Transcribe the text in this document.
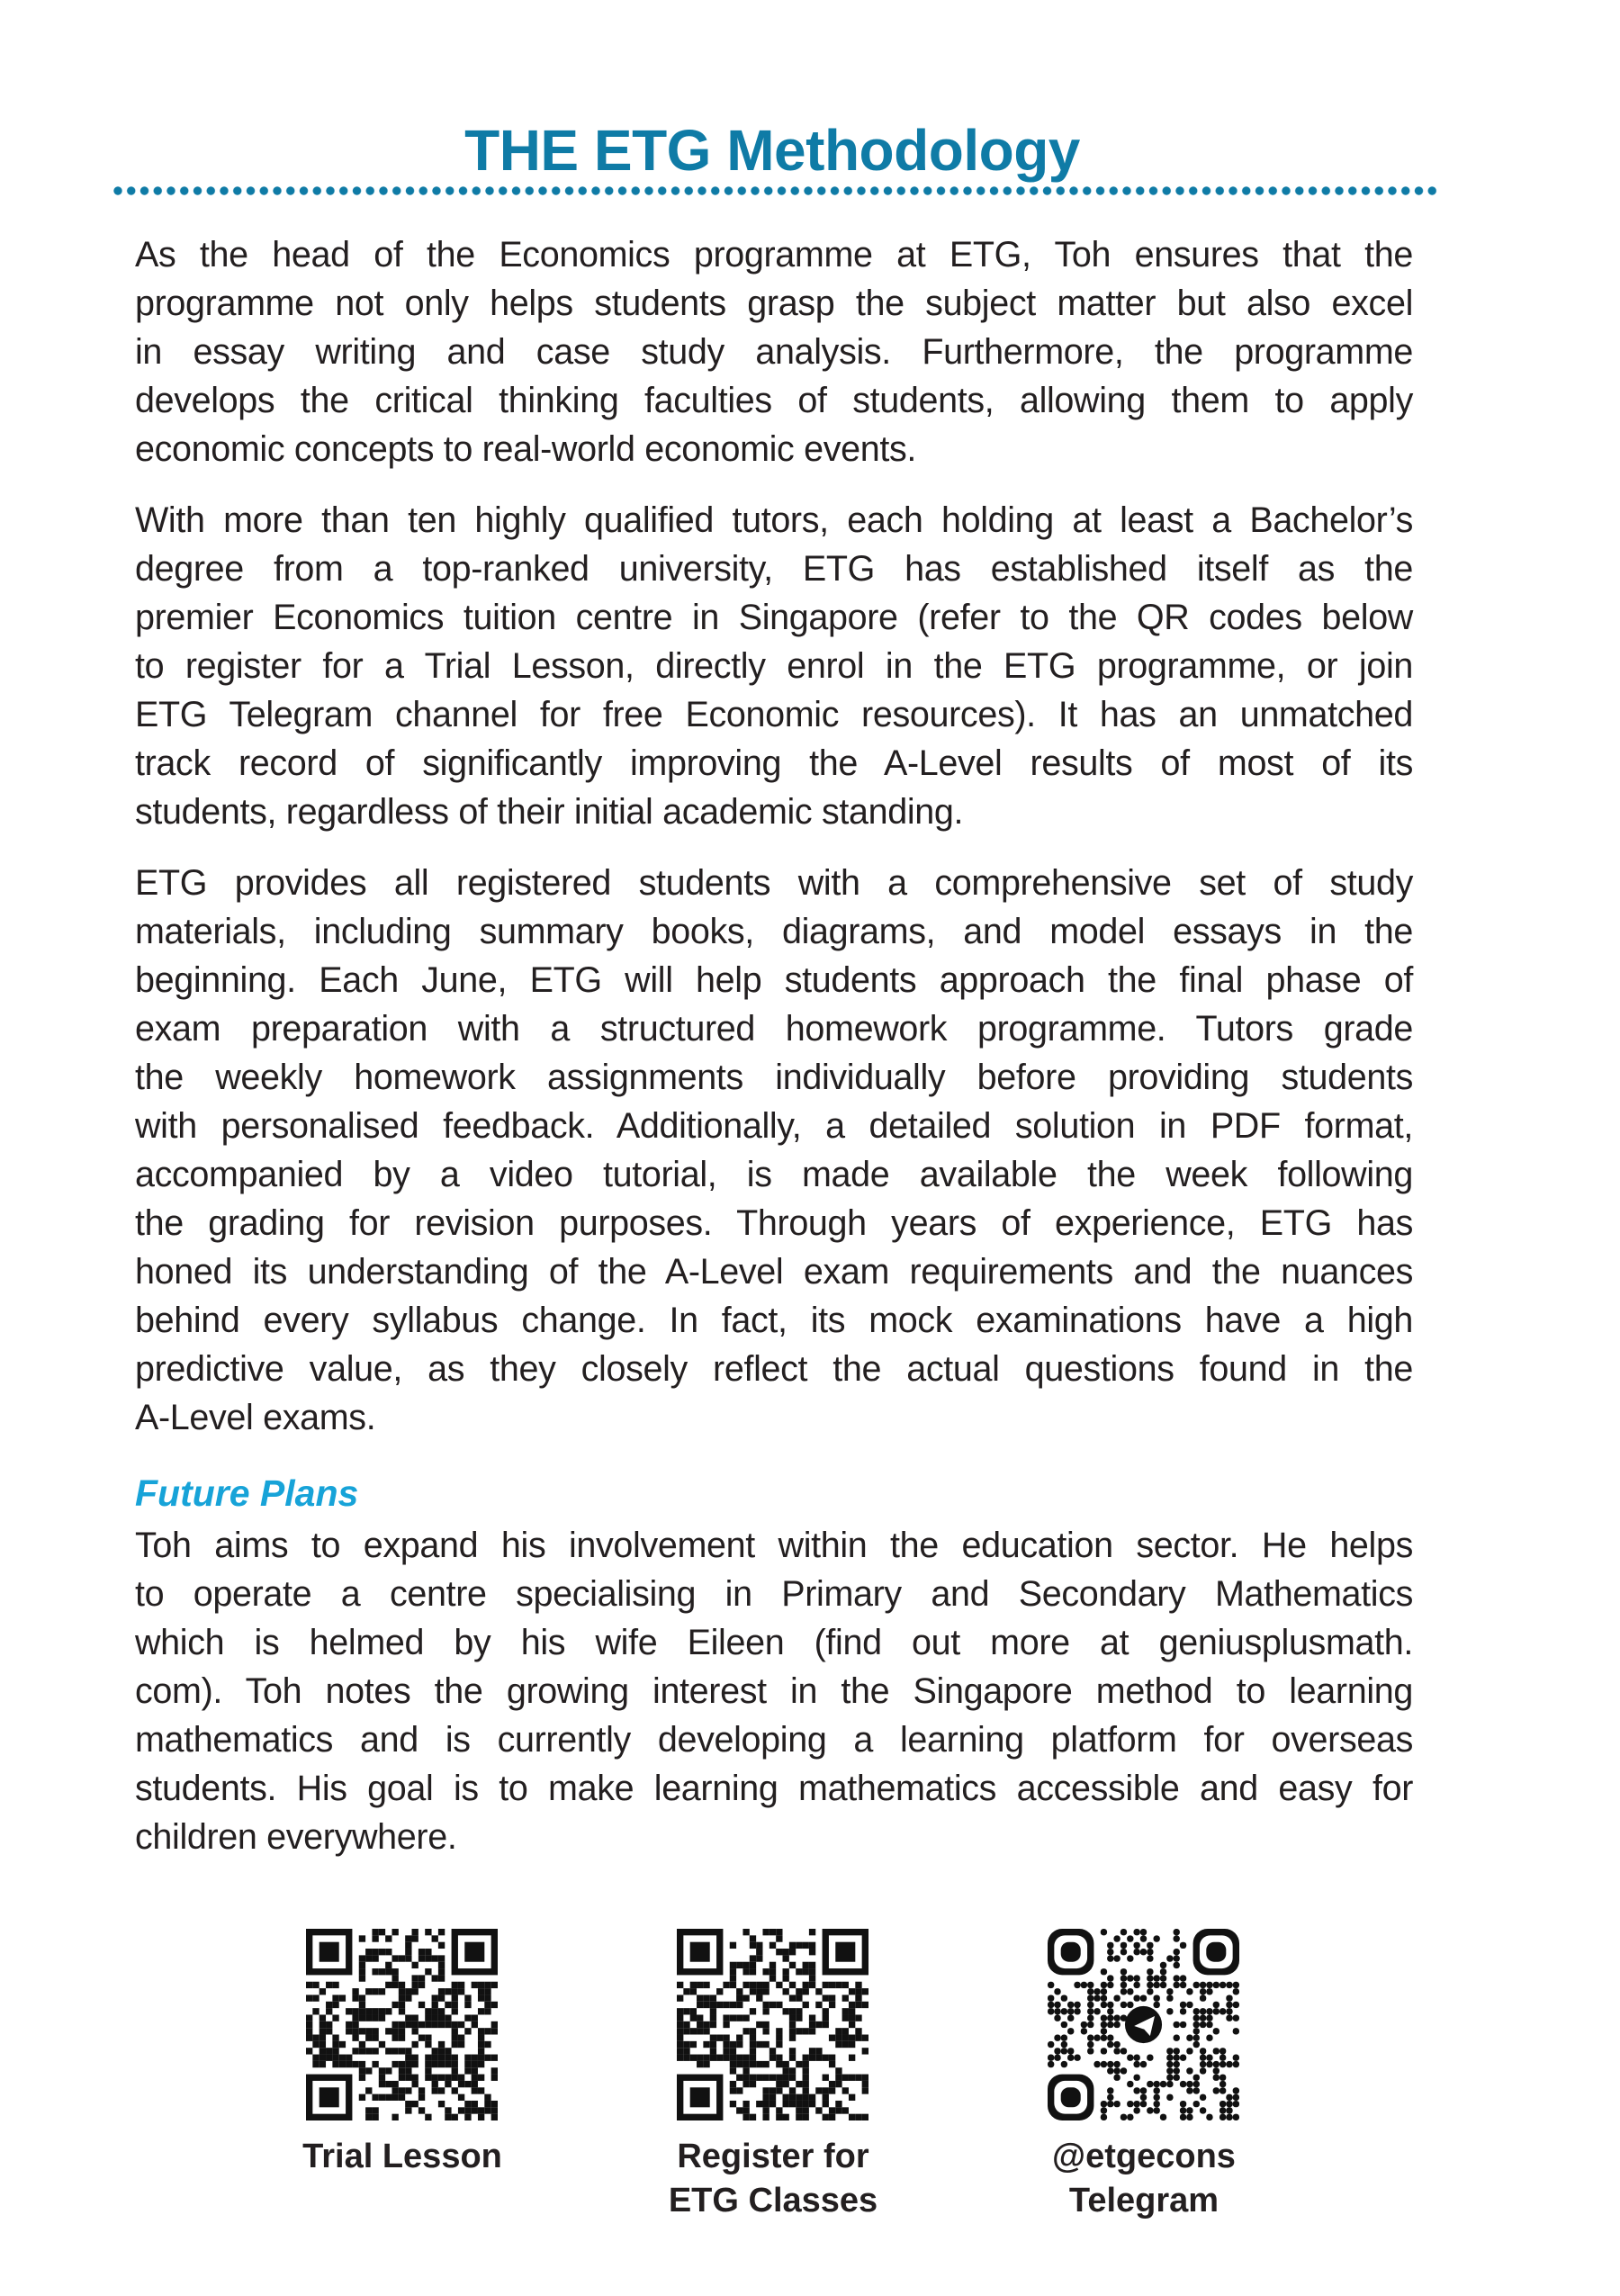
THE ETG Methodology
As the head of the Economics programme at ETG, Toh ensures that the
programme not only helps students grasp the subject matter but also excel
in essay writing and case study analysis. Furthermore, the programme
develops the critical thinking faculties of students, allowing them to apply
economic concepts to real-world economic events.
With more than ten highly qualified tutors, each holding at least a Bachelor’s
degree from a top-ranked university, ETG has established itself as the
premier Economics tuition centre in Singapore (refer to the QR codes below
to register for a Trial Lesson, directly enrol in the ETG programme, or join
ETG Telegram channel for free Economic resources). It has an unmatched
track record of significantly improving the A-Level results of most of its
students, regardless of their initial academic standing.
ETG provides all registered students with a comprehensive set of study
materials, including summary books, diagrams, and model essays in the
beginning. Each June, ETG will help students approach the final phase of
exam preparation with a structured homework programme. Tutors grade
the weekly homework assignments individually before providing students
with personalised feedback. Additionally, a detailed solution in PDF format,
accompanied by a video tutorial, is made available the week following
the grading for revision purposes. Through years of experience, ETG has
honed its understanding of the A-Level exam requirements and the nuances
behind every syllabus change. In fact, its mock examinations have a high
predictive value, as they closely reflect the actual questions found in the
A-Level exams.
Future Plans
Toh aims to expand his involvement within the education sector. He helps
to operate a centre specialising in Primary and Secondary Mathematics
which is helmed by his wife Eileen (find out more at geniusplusmath.
com). Toh notes the growing interest in the Singapore method to learning
mathematics and is currently developing a learning platform for overseas
students. His goal is to make learning mathematics accessible and easy for
children everywhere.
Trial Lesson	Register for
ETG Classes
@etgecons
Telegram
